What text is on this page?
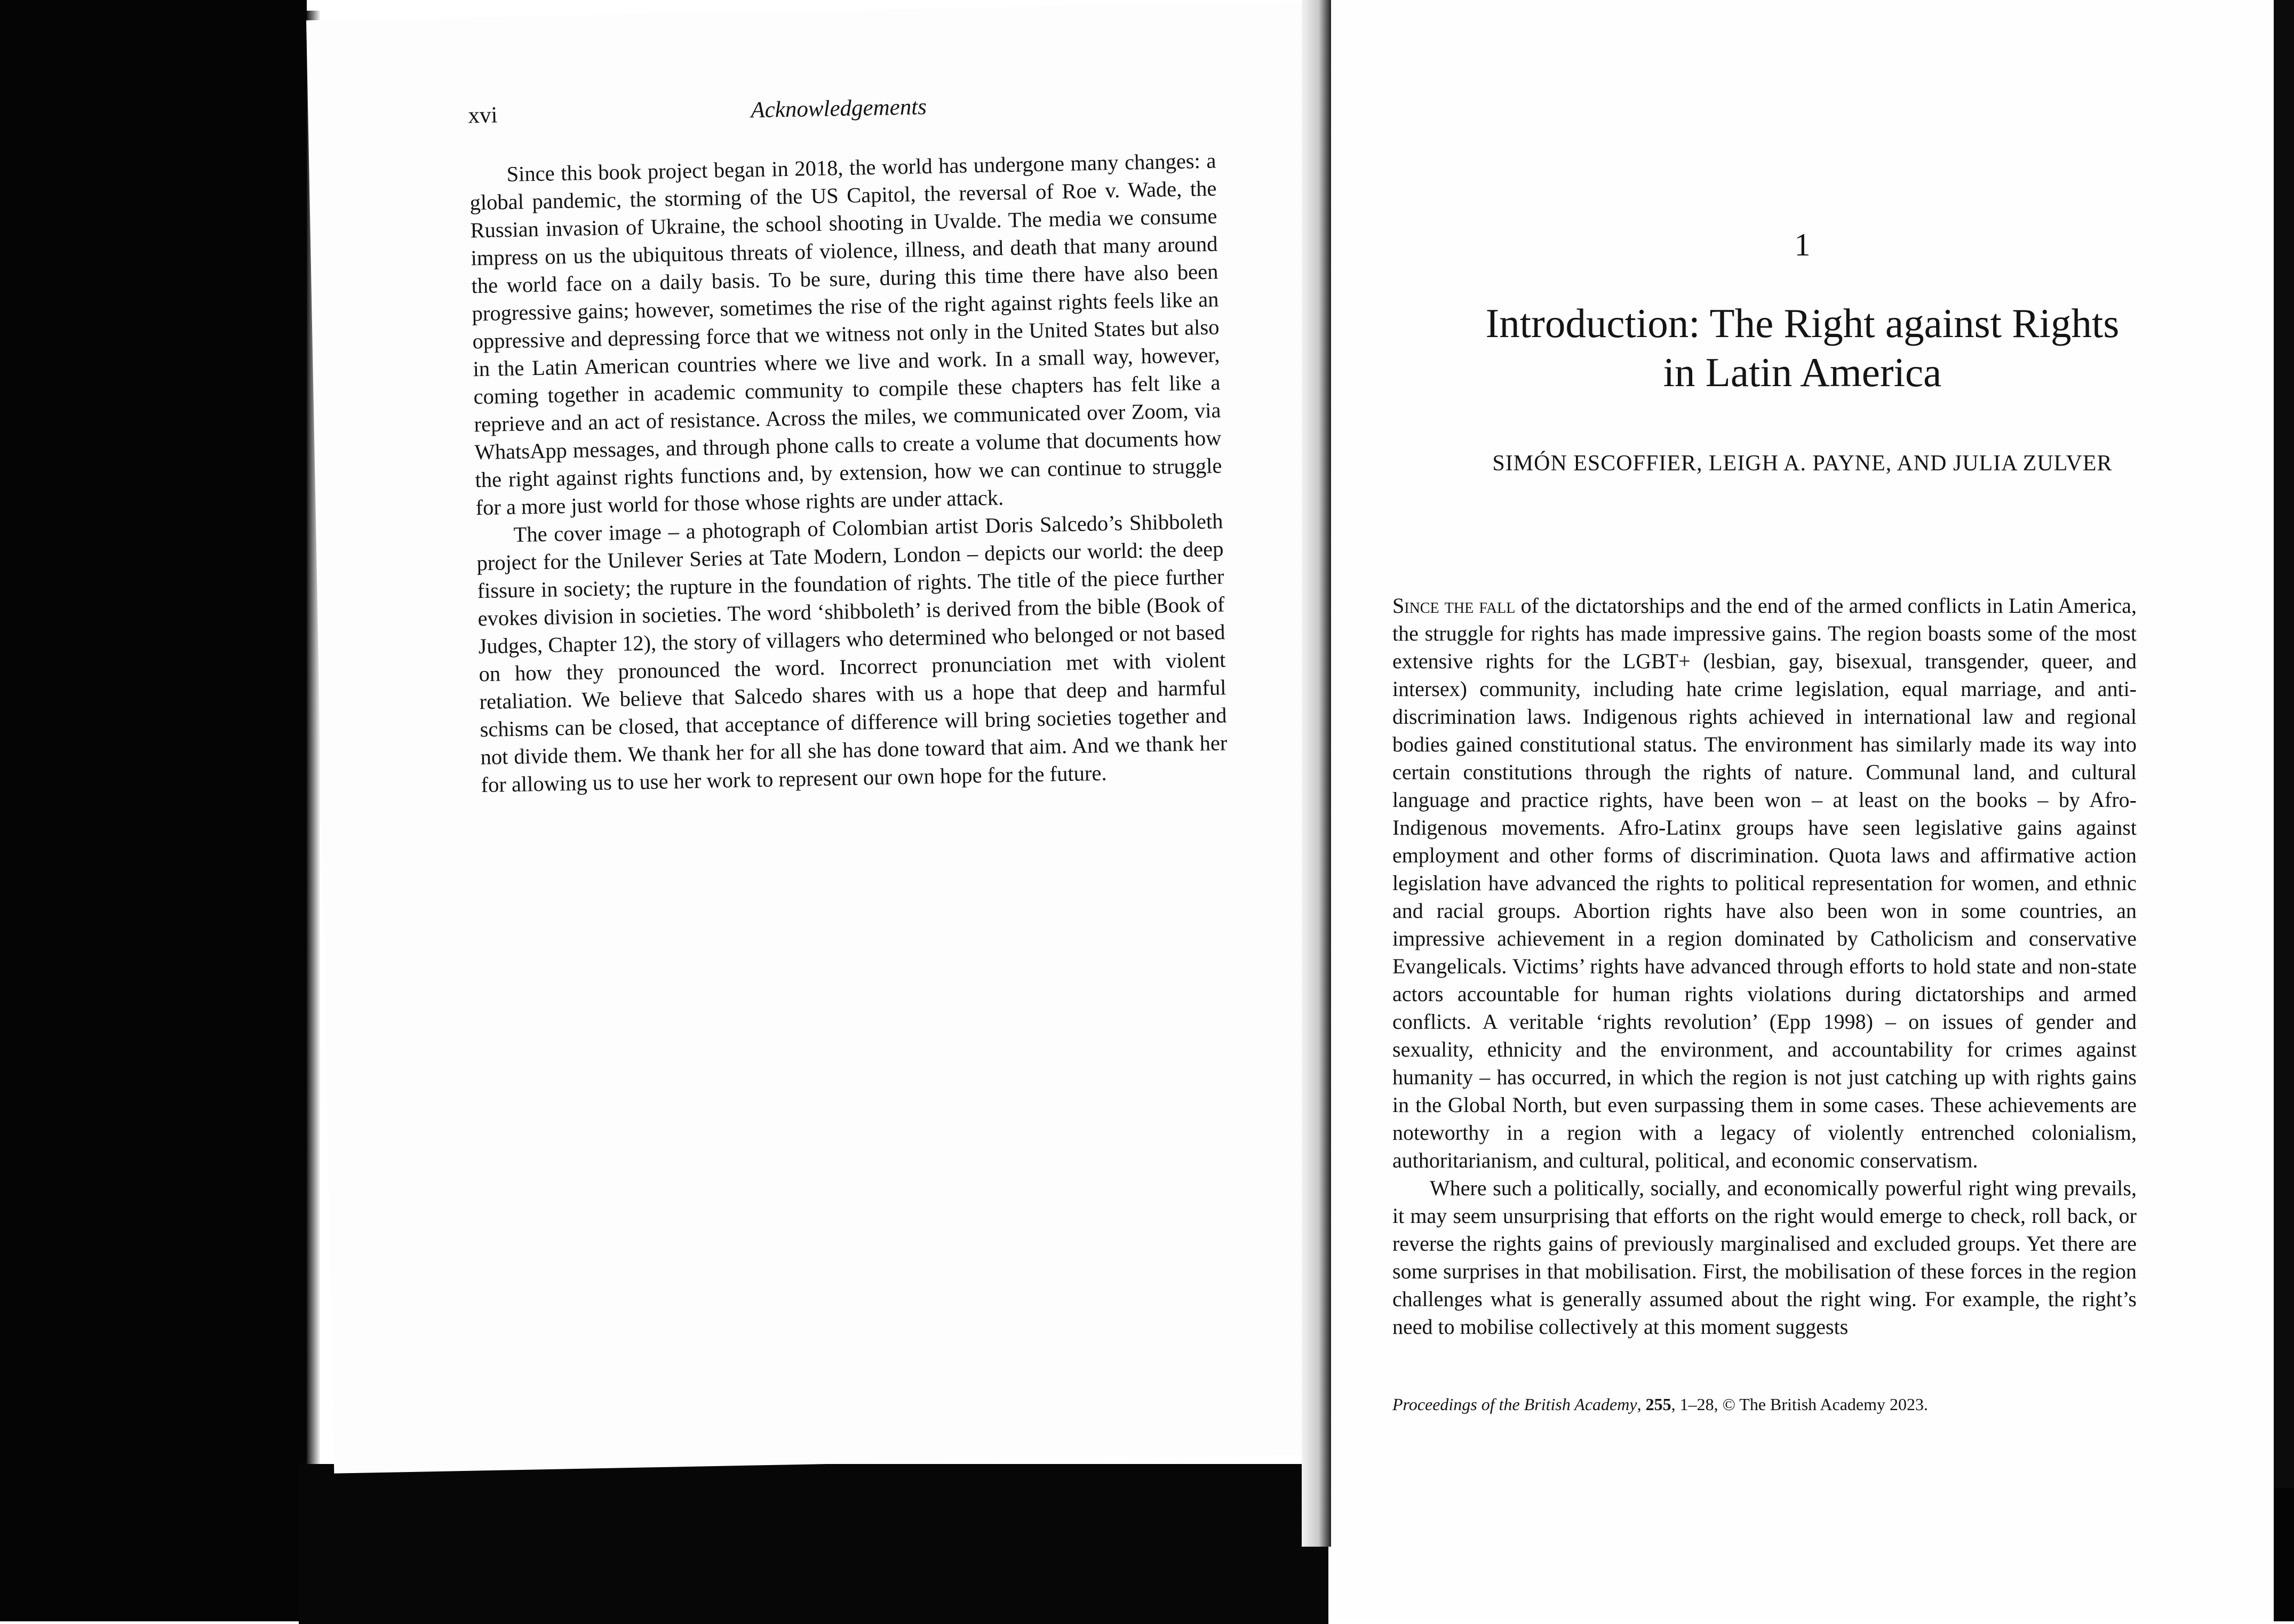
xvi	Acknowledgements

Since this book project began in 2018, the world has undergone many changes: a global pandemic, the storming of the US Capitol, the reversal of Roe v. Wade, the Russian invasion of Ukraine, the school shooting in Uvalde. The media we consume impress on us the ubiquitous threats of violence, illness, and death that many around the world face on a daily basis. To be sure, during this time there have also been progressive gains; however, sometimes the rise of the right against rights feels like an oppressive and depressing force that we witness not only in the United States but also in the Latin American countries where we live and work. In a small way, however, coming together in academic community to compile these chapters has felt like a reprieve and an act of resistance. Across the miles, we communicated over Zoom, via WhatsApp messages, and through phone calls to create a volume that documents how the right against rights functions and, by extension, how we can continue to struggle for a more just world for those whose rights are under attack.

The cover image – a photograph of Colombian artist Doris Salcedo’s Shibboleth project for the Unilever Series at Tate Modern, London – depicts our world: the deep fissure in society; the rupture in the foundation of rights. The title of the piece further evokes division in societies. The word ‘shibboleth’ is derived from the bible (Book of Judges, Chapter 12), the story of villagers who determined who belonged or not based on how they pronounced the word. Incorrect pronunciation met with violent retaliation. We believe that Salcedo shares with us a hope that deep and harmful schisms can be closed, that acceptance of difference will bring societies together and not divide them. We thank her for all she has done toward that aim. And we thank her for allowing us to use her work to represent our own hope for the future.

1
Introduction: The Right against Rights
in Latin America
SIMÓN ESCOFFIER, LEIGH A. PAYNE, AND JULIA ZULVER

Since the fall of the dictatorships and the end of the armed conflicts in Latin America, the struggle for rights has made impressive gains. The region boasts some of the most extensive rights for the LGBT+ (lesbian, gay, bisexual, transgender, queer, and intersex) community, including hate crime legislation, equal marriage, and anti-discrimination laws. Indigenous rights achieved in international law and regional bodies gained constitutional status. The environment has similarly made its way into certain constitutions through the rights of nature. Communal land, and cultural language and practice rights, have been won – at least on the books – by Afro-Indigenous movements. Afro-Latinx groups have seen legislative gains against employment and other forms of discrimination. Quota laws and affirmative action legislation have advanced the rights to political representation for women, and ethnic and racial groups. Abortion rights have also been won in some countries, an impressive achievement in a region dominated by Catholicism and conservative Evangelicals. Victims’ rights have advanced through efforts to hold state and non-state actors accountable for human rights violations during dictatorships and armed conflicts. A veritable ‘rights revolution’ (Epp 1998) – on issues of gender and sexuality, ethnicity and the environment, and accountability for crimes against humanity – has occurred, in which the region is not just catching up with rights gains in the Global North, but even surpassing them in some cases. These achievements are noteworthy in a region with a legacy of violently entrenched colonialism, authoritarianism, and cultural, political, and economic conservatism.

Where such a politically, socially, and economically powerful right wing prevails, it may seem unsurprising that efforts on the right would emerge to check, roll back, or reverse the rights gains of previously marginalised and excluded groups. Yet there are some surprises in that mobilisation. First, the mobilisation of these forces in the region challenges what is generally assumed about the right wing. For example, the right’s need to mobilise collectively at this moment suggests

Proceedings of the British Academy, 255, 1–28, © The British Academy 2023.
